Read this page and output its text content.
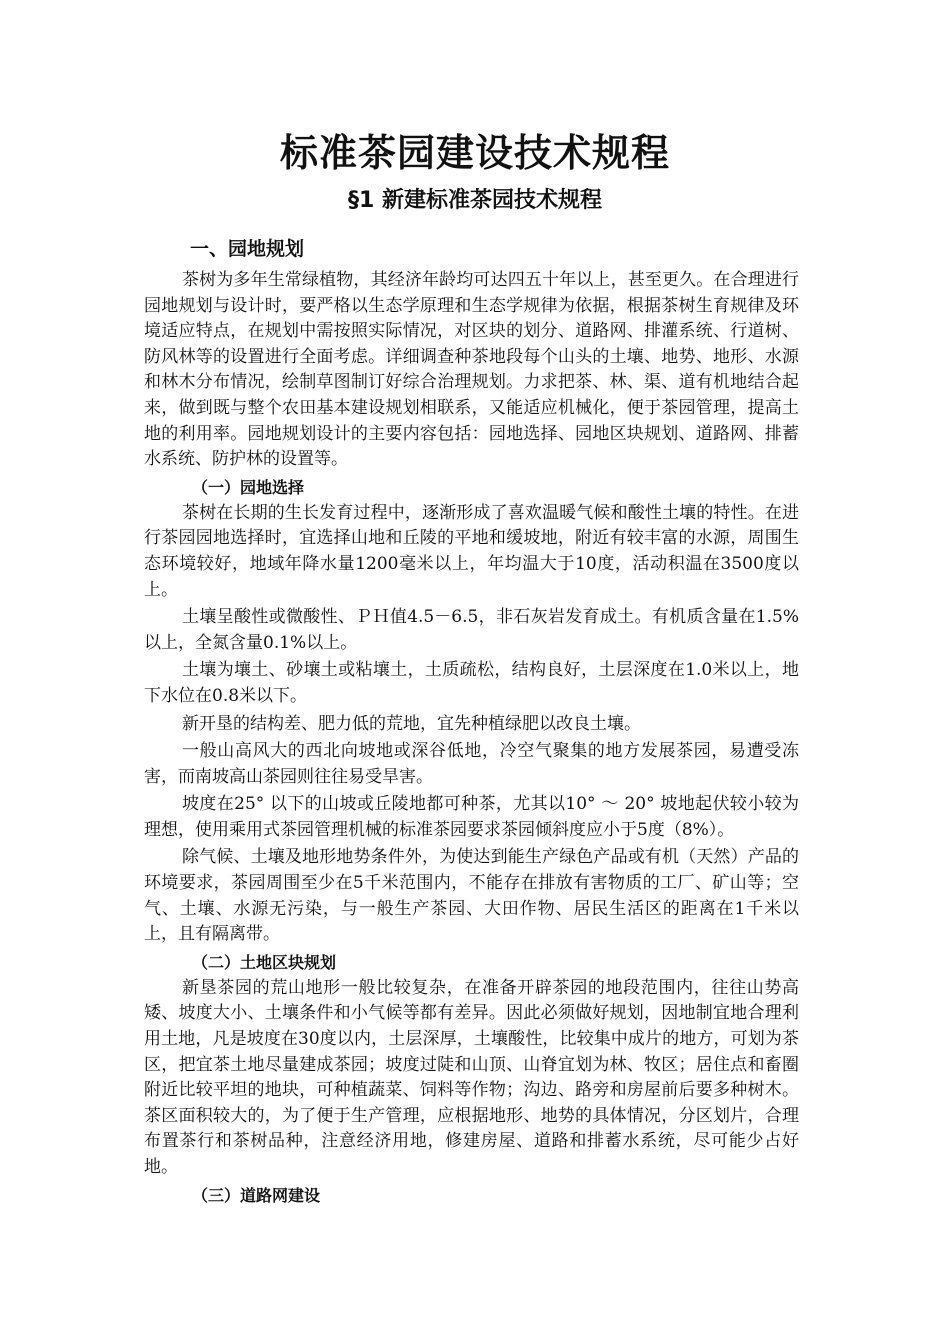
标准茶园建设技术规程
§1 新建标准茶园技术规程
一、园地规划

茶树为多年生常绿植物，其经济年龄均可达四五十年以上，甚至更久。在合理进行园地规划与设计时，要严格以生态学原理和生态学规律为依据，根据茶树生育规律及环境适应特点，在规划中需按照实际情况，对区块的划分、道路网、排灌系统、行道树、防风林等的设置进行全面考虑。详细调查种茶地段每个山头的土壤、地势、地形、水源和林木分布情况，绘制草图制订好综合治理规划。力求把茶、林、渠、道有机地结合起来，做到既与整个农田基本建设规划相联系，又能适应机械化，便于茶园管理，提高土地的利用率。园地规划设计的主要内容包括：园地选择、园地区块规划、道路网、排蓄水系统、防护林的设置等。

（一）园地选择

茶树在长期的生长发育过程中，逐渐形成了喜欢温暖气候和酸性土壤的特性。在进行茶园园地选择时，宜选择山地和丘陵的平地和缓坡地，附近有较丰富的水源，周围生态环境较好，地域年降水量1200毫米以上，年均温大于10度，活动积温在3500度以上。

土壤呈酸性或微酸性、ＰＨ值4.5－6.5，非石灰岩发育成土。有机质含量在1.5%以上，全氮含量0.1%以上。

土壤为壤土、砂壤土或粘壤土，土质疏松，结构良好，土层深度在1.0米以上，地下水位在0.8米以下。

新开垦的结构差、肥力低的荒地，宜先种植绿肥以改良土壤。

一般山高风大的西北向坡地或深谷低地，冷空气聚集的地方发展茶园，易遭受冻害，而南坡高山茶园则往往易受旱害。

坡度在25° 以下的山坡或丘陵地都可种茶，尤其以10° ～ 20° 坡地起伏较小较为理想，使用乘用式茶园管理机械的标准茶园要求茶园倾斜度应小于5度（8%）。

除气候、土壤及地形地势条件外，为使达到能生产绿色产品或有机（天然）产品的环境要求，茶园周围至少在5千米范围内，不能存在排放有害物质的工厂、矿山等；空气、土壤、水源无污染，与一般生产茶园、大田作物、居民生活区的距离在1千米以上，且有隔离带。

（二）土地区块规划

新垦茶园的荒山地形一般比较复杂，在准备开辟茶园的地段范围内，往往山势高矮、坡度大小、土壤条件和小气候等都有差异。因此必须做好规划，因地制宜地合理利用土地，凡是坡度在30度以内，土层深厚，土壤酸性，比较集中成片的地方，可划为茶区，把宜茶土地尽量建成茶园；坡度过陡和山顶、山脊宜划为林、牧区；居住点和畜圈附近比较平坦的地块，可种植蔬菜、饲料等作物；沟边、路旁和房屋前后要多种树木。茶区面积较大的，为了便于生产管理，应根据地形、地势的具体情况，分区划片，合理布置茶行和茶树品种，注意经济用地，修建房屋、道路和排蓄水系统，尽可能少占好地。

（三）道路网建设
